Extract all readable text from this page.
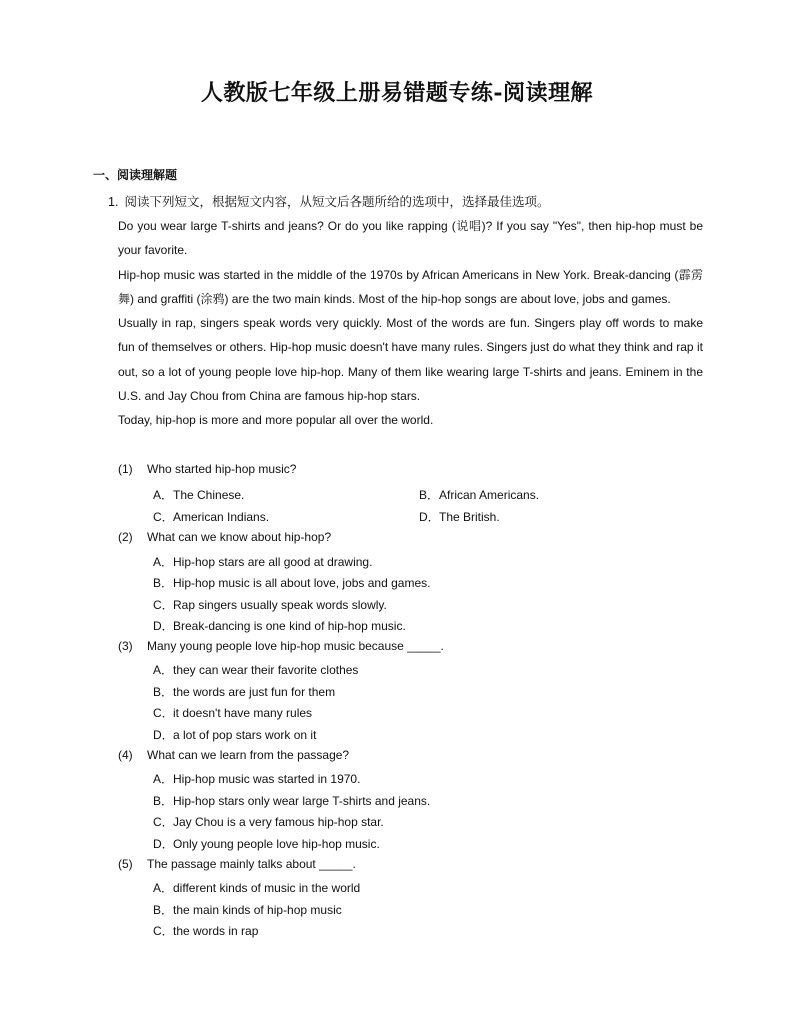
人教版七年级上册易错题专练-阅读理解
一、阅读理解题
1. 阅读下列短文，根据短文内容，从短文后各题所给的选项中，选择最佳选项。

Do you wear large T-shirts and jeans? Or do you like rapping (说唱)? If you say "Yes", then hip-hop must be your favorite.

Hip-hop music was started in the middle of the 1970s by African Americans in New York. Break-dancing (霹雳舞) and graffiti (涂鸦) are the two main kinds. Most of the hip-hop songs are about love, jobs and games.

Usually in rap, singers speak words very quickly. Most of the words are fun. Singers play off words to make fun of themselves or others. Hip-hop music doesn't have many rules. Singers just do what they think and rap it out, so a lot of young people love hip-hop. Many of them like wearing large T-shirts and jeans. Eminem in the U.S. and Jay Chou from China are famous hip-hop stars.

Today, hip-hop is more and more popular all over the world.

(1) Who started hip-hop music?
A．The Chinese.	B．African Americans.
C．American Indians.	D．The British.
(2) What can we know about hip-hop?
A．Hip-hop stars are all good at drawing.
B．Hip-hop music is all about love, jobs and games.
C．Rap singers usually speak words slowly.
D．Break-dancing is one kind of hip-hop music.
(3) Many young people love hip-hop music because _____.
A．they can wear their favorite clothes
B．the words are just fun for them
C．it doesn't have many rules
D．a lot of pop stars work on it
(4) What can we learn from the passage?
A．Hip-hop music was started in 1970.
B．Hip-hop stars only wear large T-shirts and jeans.
C．Jay Chou is a very famous hip-hop star.
D．Only young people love hip-hop music.
(5) The passage mainly talks about _____.
A．different kinds of music in the world
B．the main kinds of hip-hop music
C．the words in rap
